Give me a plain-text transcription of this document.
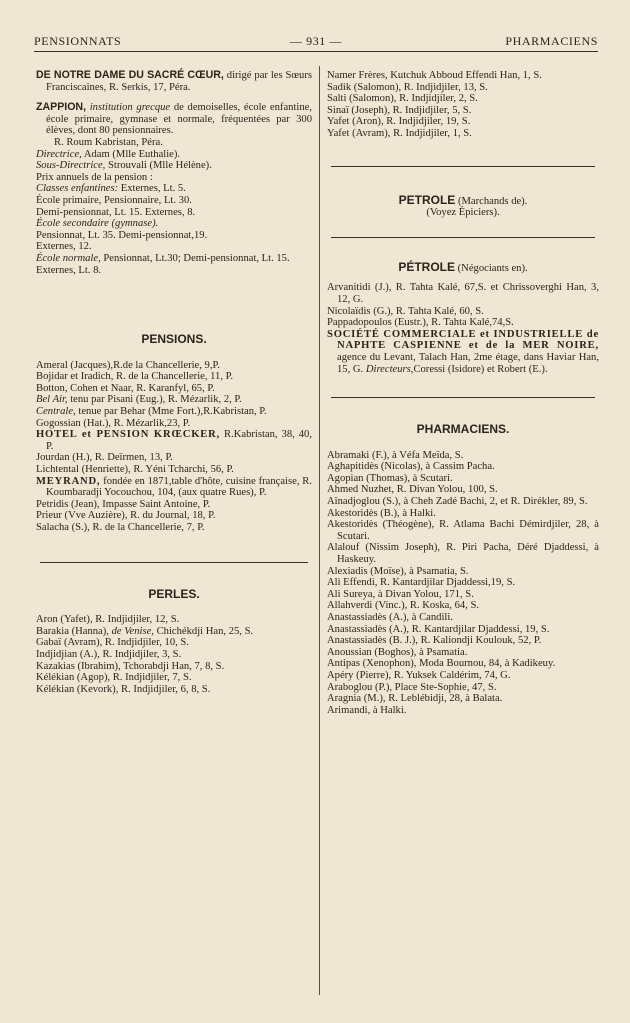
PENSIONNATS	— 931 —	PHARMACIENS

DE NOTRE DAME DU SACRÉ CŒUR, dirigé par les Sœurs Franciscaines, R. Serkis, 17, Péra.

ZAPPION, institution grecque de demoiselles, école enfantine, école primaire, gymnase et normale, fréquentées par 300 élèves, dont 80 pensionnaires.

R. Roum Kabristan, Péra.

Directrice, Adam (Mlle Euthalie).

Sous-Directrice, Strouvali (Mlle Hélène).

Prix annuels de la pension :

Classes enfantines: Externes, Lt. 5.

École primaire, Pensionnaire, Lt. 30.

Demi-pensionnat, Lt. 15. Externes, 8.

École secondaire (gymnase).

Pensionnat, Lt. 35. Demi-pensionnat,19.

Externes, 12.

École normale, Pensionnat, Lt.30; Demi-pensionnat, Lt. 15.

Externes, Lt. 8.

PENSIONS.

Ameral (Jacques),R.de la Chancellerie, 9,P.

Bojidar et Iradich, R. de la Chancellerie, 11, P.

Botton, Cohen et Naar, R. Karanfyl, 65, P.

Bel Air, tenu par Pisani (Eug.), R. Mézarlik, 2, P.

Centrale, tenue par Behar (Mme Fort.),R.Kabristan, P.

Gogossian (Hat.), R. Mézarlik,23, P.

HOTEL et PENSION KRŒCKER, R.Kabristan, 38, 40, P.

Jourdan (H.), R. Deïrmen, 13, P.

Lichtental (Henriette), R. Yéni Tcharchi, 56, P.

MEYRAND, fondée en 1871,table d'hôte, cuisine française, R. Koumbaradji Yocouchou, 104, (aux quatre Rues), P.

Petridis (Jean), Impasse Saint Antoine, P.

Prieur (Vve Auzière), R. du Journal, 18, P.

Salacha (S.), R. de la Chancellerie, 7, P.

PERLES.

Aron (Yafet), R. Indjidjiler, 12, S.

Barakia (Hanna), de Venise, Chichékdji Han, 25, S.

Gabaï (Avram), R. Indjidjiler, 10, S.

Indjidjian (A.), R. Indjidjiler, 3, S.

Kazakias (Ibrahim), Tchorabdji Han, 7, 8, S.

Kélékian (Agop), R. Indjidjiler, 7, S.

Kélékian (Kevork), R. Indjidjiler, 6, 8, S.

Namer Frères, Kutchuk Abboud Effendi Han, 1, S.

Sadik (Salomon), R. Indjidjiler, 13, S.

Salti (Salomon), R. Indjidjiler, 2, S.

Sinaï (Joseph), R. Indjidjiler, 5, S.

Yafet (Aron), R. Indjidjiler, 19, S.

Yafet (Avram), R. Indjidjiler, 1, S.

PETROLE (Marchands de).

(Voyez Épiciers).

PÉTROLE (Négociants en).

Arvanitidi (J.), R. Tahta Kalé, 67,S. et Chrissoverghi Han, 3, 12, G.

Nicolaïdis (G.), R. Tahta Kalé, 60, S.

Pappadopoulos (Eustr.), R. Tahta Kalé,74,S.

SOCIÉTÉ COMMERCIALE et INDUSTRIELLE de NAPHTE CASPIENNE et de la MER NOIRE, agence du Levant, Talach Han, 2me étage, dans Haviar Han, 15, G. Directeurs,Coressi (Isidore) et Robert (E.).

PHARMACIENS.

Abramaki (F.), à Véfa Meïda, S.

Aghapitidès (Nicolas), à Cassim Pacha.

Agopian (Thomas), à Scutari.

Ahmed Nuzhet, R. Divan Yolou, 100, S.

Aïnadjoglou (S.), à Cheh Zadé Bachi, 2, et R. Dirékler, 89, S.

Akestoridès (B.), à Halki.

Akestoridès (Théogène), R. Atlama Bachi Démirdjiler, 28, à Scutari.

Alalouf (Nissim Joseph), R. Piri Pacha, Déré Djaddessi, à Haskeuy.

Alexiadis (Moïse), à Psamatia, S.

Ali Effendi, R. Kantardjilar Djaddessi,19, S.

Ali Sureya, à Divan Yolou, 171, S.

Allahverdi (Vinc.), R. Koska, 64, S.

Anastassiadès (A.), à Candili.

Anastassiadès (A.), R. Kantardjilar Djaddessi, 19, S.

Anastassiadès (B. J.), R. Kaliondji Koulouk, 52, P.

Anoussian (Boghos), à Psamatia.

Antipas (Xenophon), Moda Bournou, 84, à Kadikeuy.

Apéry (Pierre), R. Yuksek Caldérim, 74, G.

Araboglou (P.), Place Ste-Sophie, 47, S.

Aragnia (M.), R. Leblébidji, 28, à Balata.

Arimandi, à Halki.
